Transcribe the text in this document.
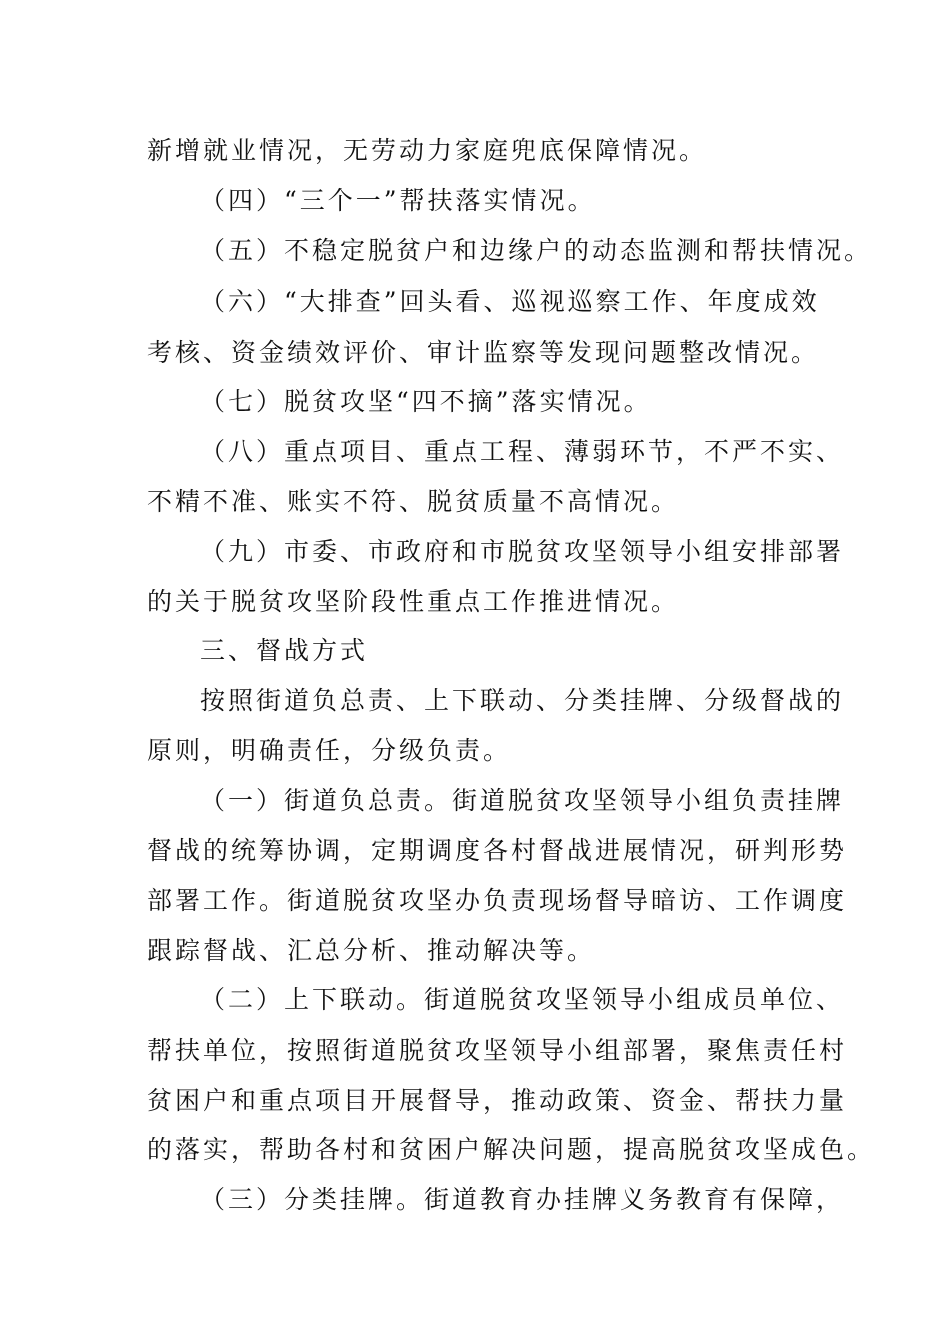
新增就业情况，无劳动力家庭兜底保障情况。
（四）“三个一”帮扶落实情况。
（五）不稳定脱贫户和边缘户的动态监测和帮扶情况。
（六）“大排查”回头看、巡视巡察工作、年度成效
考核、资金绩效评价、审计监察等发现问题整改情况。
（七）脱贫攻坚“四不摘”落实情况。
（八）重点项目、重点工程、薄弱环节，不严不实、
不精不准、账实不符、脱贫质量不高情况。
（九）市委、市政府和市脱贫攻坚领导小组安排部署
的关于脱贫攻坚阶段性重点工作推进情况。
三、督战方式
按照街道负总责、上下联动、分类挂牌、分级督战的
原则，明确责任，分级负责。
（一）街道负总责。街道脱贫攻坚领导小组负责挂牌
督战的统筹协调，定期调度各村督战进展情况，研判形势
部署工作。街道脱贫攻坚办负责现场督导暗访、工作调度
跟踪督战、汇总分析、推动解决等。
（二）上下联动。街道脱贫攻坚领导小组成员单位、
帮扶单位，按照街道脱贫攻坚领导小组部署，聚焦责任村
贫困户和重点项目开展督导，推动政策、资金、帮扶力量
的落实，帮助各村和贫困户解决问题，提高脱贫攻坚成色。
（三）分类挂牌。街道教育办挂牌义务教育有保障，
